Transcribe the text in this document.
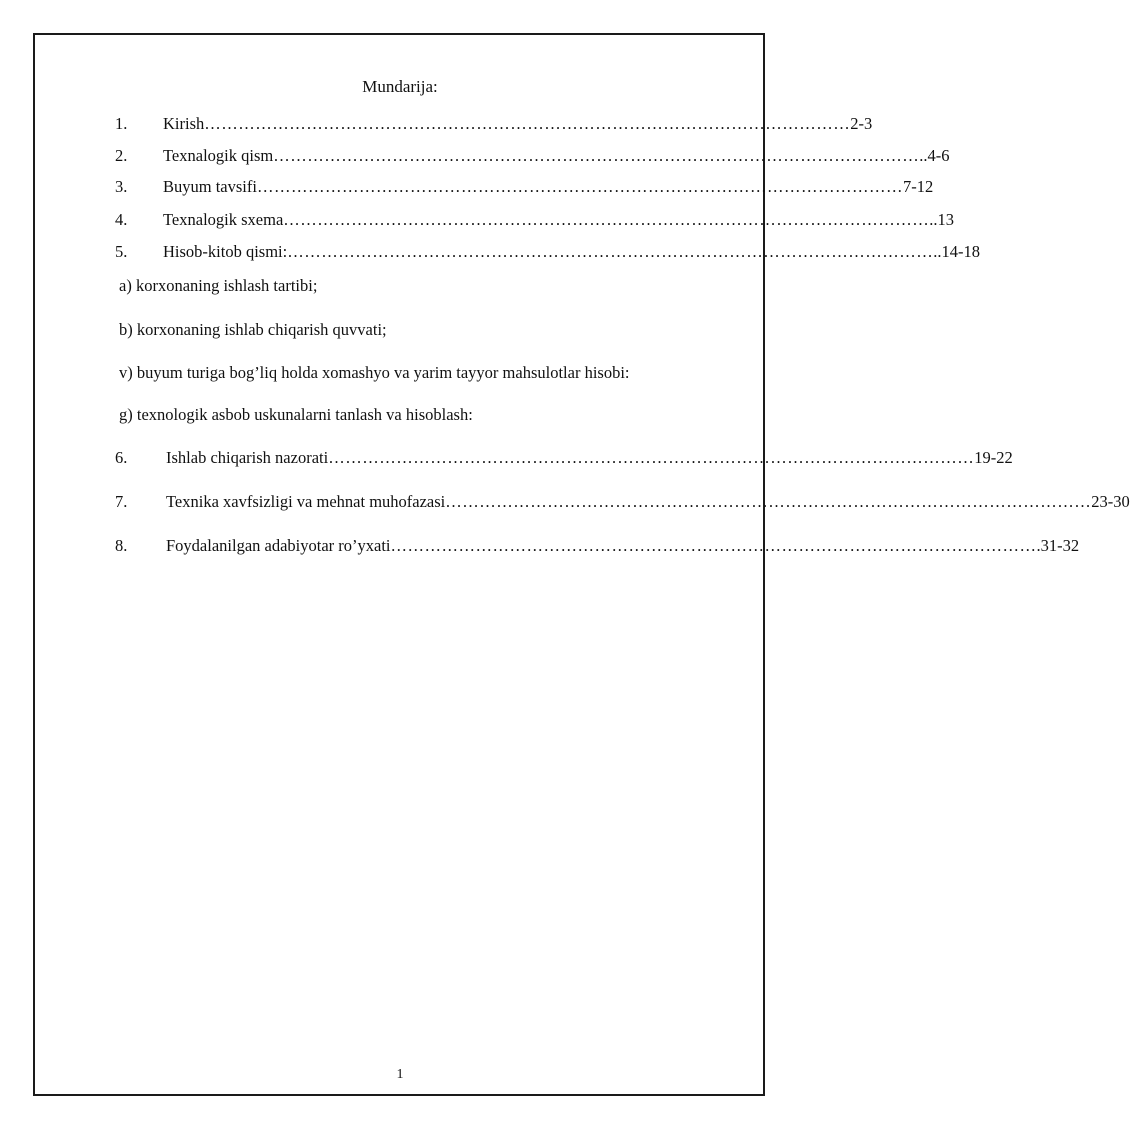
Mundarija:
1.	Kirish …………………………………………………………………………………………………… 2-3
2.	Texnalogik qism …………………………………………………………………………………………………… ..4-6
3.	Buyum tavsifi …………………………………………………………………………………………………… 7-12
4.	Texnalogik sxema …………………………………………………………………………………………………… ..13
5.	Hisob-kitob qismi: …………………………………………………………………………………………………… ..14-18
a) korxonaning ishlash tartibi;
b) korxonaning ishlab chiqarish quvvati;
v) buyum turiga bog’liq holda xomashyo va yarim tayyor mahsulotlar hisobi:
g) texnologik asbob uskunalarni tanlash va hisoblash:
6.	Ishlab chiqarish nazorati …………………………………………………………………………………………………… 19-22
7.	Texnika xavfsizligi va mehnat muhofazasi …………………………………………………………………………………………………… 23-30
8.	Foydalanilgan adabiyotar ro’yxati …………………………………………………………………………………………………… .31-32
1
